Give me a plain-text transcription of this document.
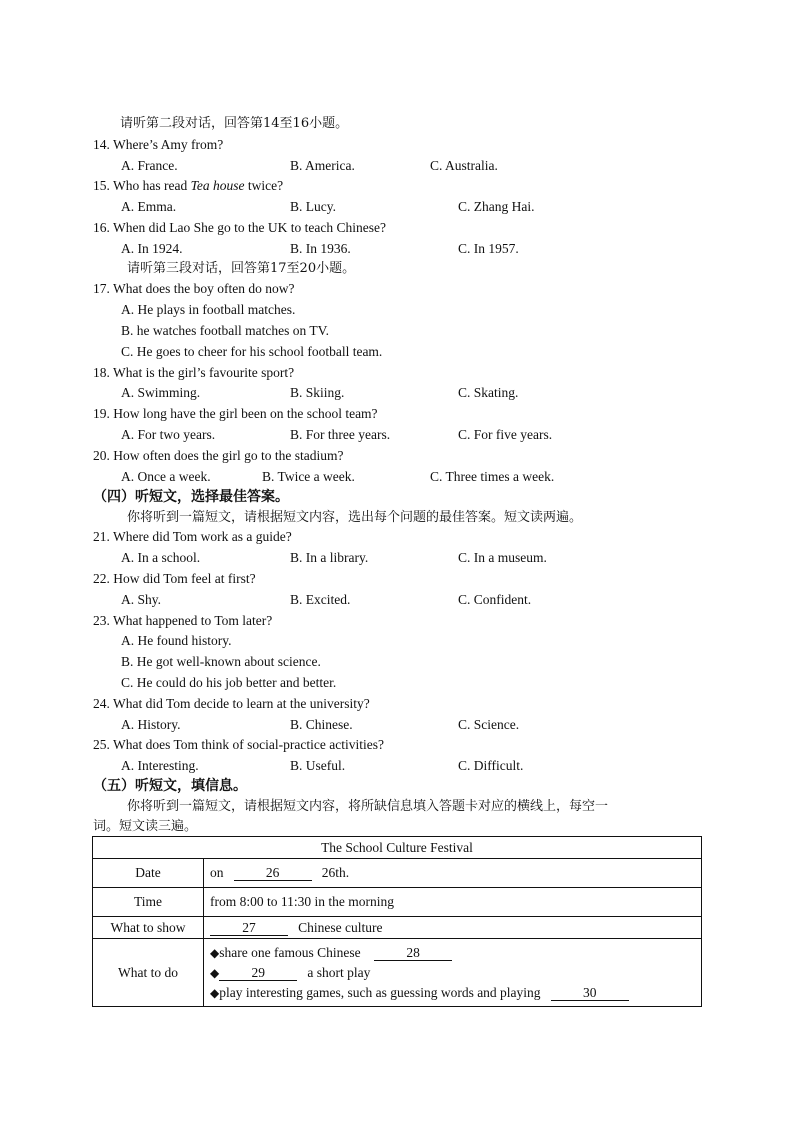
请听第二段对话，回答第14至16小题。
14. Where’s Amy from?
A. France.	B. America.	C. Australia.
15. Who has read Tea house twice?
A. Emma.	B. Lucy.	C. Zhang Hai.
16. When did Lao She go to the UK to teach Chinese?
A. In 1924.	B. In 1936.	C. In 1957.
请听第三段对话，回答第17至20小题。
17. What does the boy often do now?
A. He plays in football matches.
B. he watches football matches on TV.
C. He goes to cheer for his school football team.
18. What is the girl’s favourite sport?
A. Swimming.	B. Skiing.	C. Skating.
19. How long have the girl been on the school team?
A. For two years.	B. For three years.	C. For five years.
20. How often does the girl go to the stadium?
A. Once a week.	B. Twice a week.	C. Three times a week.
（四）听短文，选择最佳答案。
你将听到一篇短文，请根据短文内容，选出每个问题的最佳答案。短文读两遍。
21. Where did Tom work as a guide?
A. In a school.	B. In a library.	C. In a museum.
22. How did Tom feel at first?
A. Shy.	B. Excited.	C. Confident.
23. What happened to Tom later?
A. He found history.
B. He got well-known about science.
C. He could do his job better and better.
24. What did Tom decide to learn at the university?
A. History.	B. Chinese.	C. Science.
25. What does Tom think of social-practice activities?
A. Interesting.	B. Useful.	C. Difficult.
（五）听短文，填信息。
你将听到一篇短文，请根据短文内容，将所缺信息填入答题卡对应的横线上，每空一
词。短文读三遍。
The School Culture Festival	
Date	on 26 26th.
Time	from 8:00 to 11:30 in the morning
What to show	27 Chinese culture
What to do	◆share one famous Chinese 28
◆ 29 a short play
◆play interesting games, such as guessing words and playing 30
